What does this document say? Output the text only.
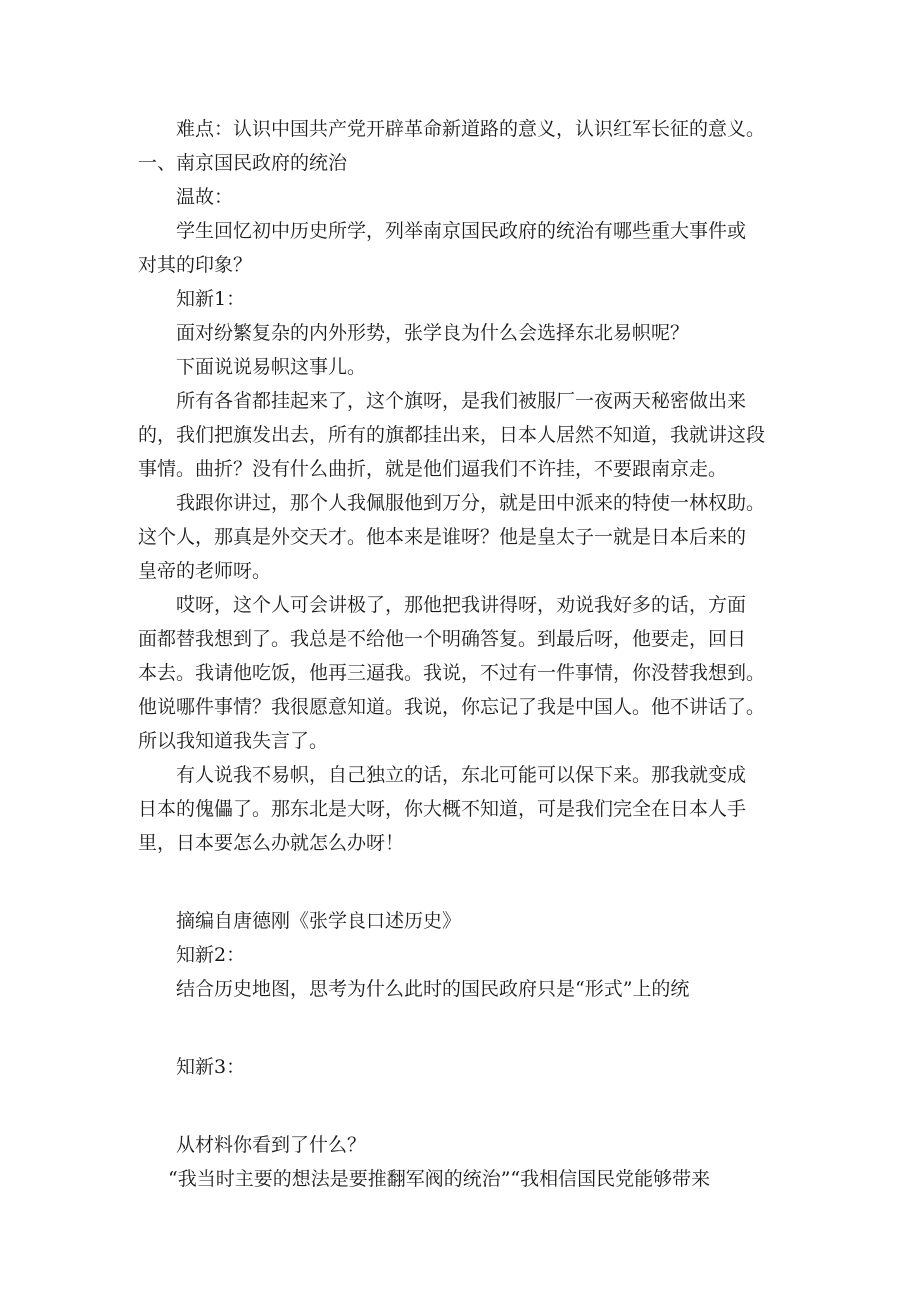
难点：认识中国共产党开辟革命新道路的意义，认识红军长征的意义。

一、南京国民政府的统治

温故：

学生回忆初中历史所学，列举南京国民政府的统治有哪些重大事件或

对其的印象？

知新1：

面对纷繁复杂的内外形势，张学良为什么会选择东北易帜呢？

下面说说易帜这事儿。

所有各省都挂起来了，这个旗呀，是我们被服厂一夜两天秘密做出来

的，我们把旗发出去，所有的旗都挂出来，日本人居然不知道，我就讲这段

事情。曲折？没有什么曲折，就是他们逼我们不许挂，不要跟南京走。

我跟你讲过，那个人我佩服他到万分，就是田中派来的特使一林权助。

这个人，那真是外交天才。他本来是谁呀？他是皇太子一就是日本后来的

皇帝的老师呀。

哎呀，这个人可会讲极了，那他把我讲得呀，劝说我好多的话，方面

面都替我想到了。我总是不给他一个明确答复。到最后呀，他要走，回日

本去。我请他吃饭，他再三逼我。我说，不过有一件事情，你没替我想到。

他说哪件事情？我很愿意知道。我说，你忘记了我是中国人。他不讲话了。

所以我知道我失言了。

有人说我不易帜，自己独立的话，东北可能可以保下来。那我就变成

日本的傀儡了。那东北是大呀，你大概不知道，可是我们完全在日本人手

里，日本要怎么办就怎么办呀！

摘编自唐德刚《张学良口述历史》

知新2：

结合历史地图，思考为什么此时的国民政府只是“形式”上的统

知新3：

从材料你看到了什么？

“我当时主要的想法是要推翻军阀的统治”“我相信国民党能够带来
